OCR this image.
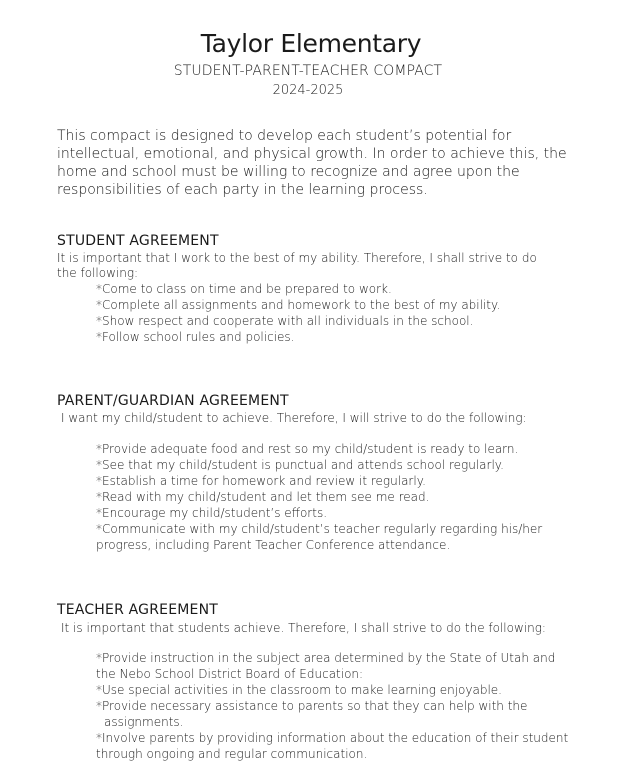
Taylor Elementary
STUDENT-PARENT-TEACHER COMPACT
2024-2025
This compact is designed to develop each student’s potential for
intellectual, emotional, and physical growth. In order to achieve this, the
home and school must be willing to recognize and agree upon the
responsibilities of each party in the learning process.
STUDENT AGREEMENT
It is important that I work to the best of my ability. Therefore, I shall strive to do
the following:
*Come to class on time and be prepared to work.
*Complete all assignments and homework to the best of my ability.
*Show respect and cooperate with all individuals in the school.
*Follow school rules and policies.
PARENT/GUARDIAN AGREEMENT
I want my child/student to achieve. Therefore, I will strive to do the following:
*Provide adequate food and rest so my child/student is ready to learn.
*See that my child/student is punctual and attends school regularly.
*Establish a time for homework and review it regularly.
*Read with my child/student and let them see me read.
*Encourage my child/student’s efforts.
*Communicate with my child/student’s teacher regularly regarding his/her
progress, including Parent Teacher Conference attendance.
TEACHER AGREEMENT
It is important that students achieve. Therefore, I shall strive to do the following:
*Provide instruction in the subject area determined by the State of Utah and
the Nebo School District Board of Education:
*Use special activities in the classroom to make learning enjoyable.
*Provide necessary assistance to parents so that they can help with the
assignments.
*Involve parents by providing information about the education of their student
through ongoing and regular communication.
